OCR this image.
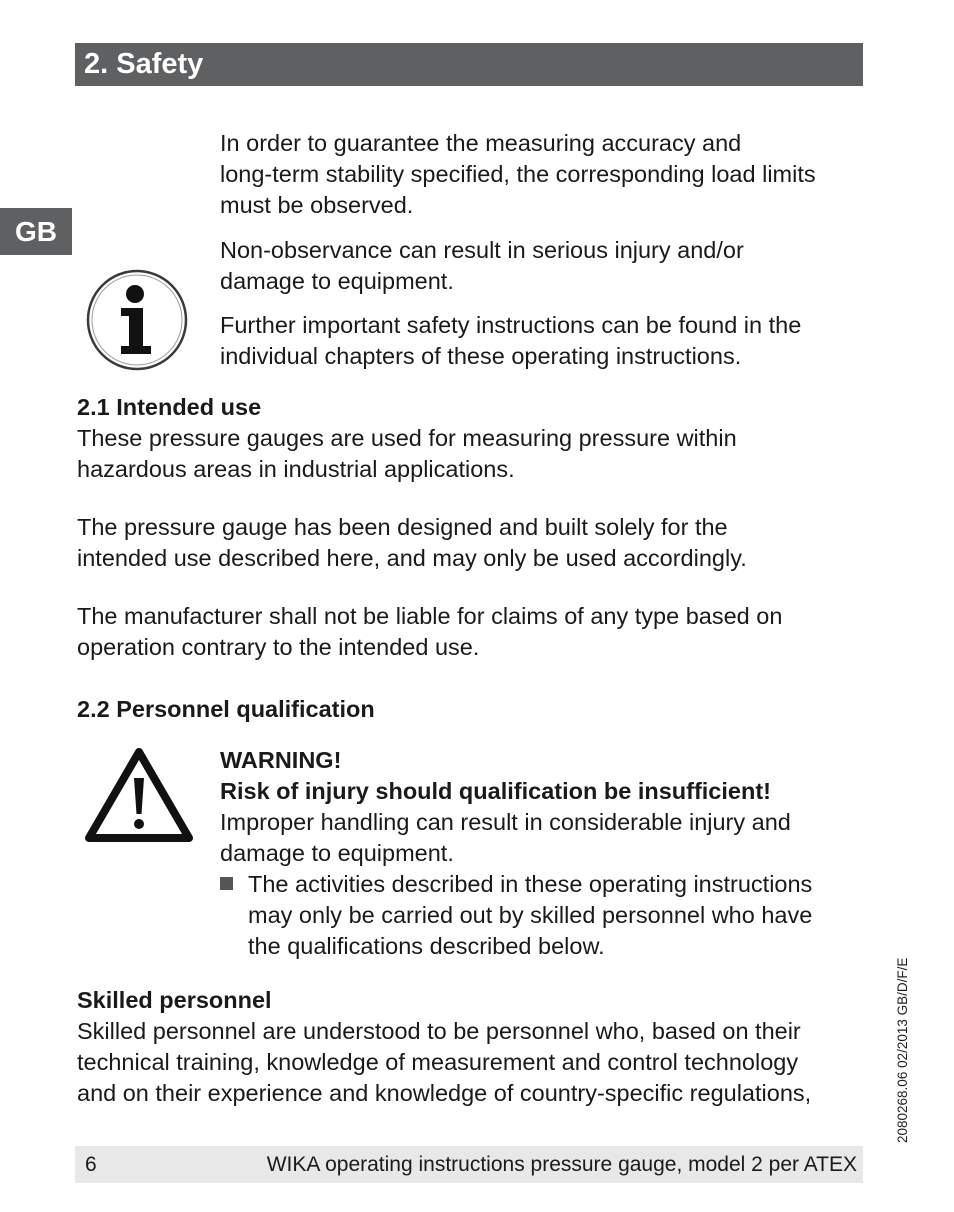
2. Safety
GB

In order to guarantee the measuring accuracy and

long-term stability specified, the corresponding load limits

must be observed.

Non-observance can result in serious injury and/or

damage to equipment.

Further important safety instructions can be found in the

individual chapters of these operating instructions.

2.1 Intended use

These pressure gauges are used for measuring pressure within

hazardous areas in industrial applications.

The pressure gauge has been designed and built solely for the

intended use described here, and may only be used accordingly.

The manufacturer shall not be liable for claims of any type based on

operation contrary to the intended use.

2.2 Personnel qualification

WARNING!

Risk of injury should qualification be insufficient!

Improper handling can result in considerable injury and

damage to equipment.

The activities described in these operating instructions

may only be carried out by skilled personnel who have

the qualifications described below.

Skilled personnel

Skilled personnel are understood to be personnel who, based on their

technical training, knowledge of measurement and control technology

and on their experience and knowledge of country-specific regulations,

6	WIKA operating instructions pressure gauge, model 2 per ATEX
2080268.06 02/2013 GB/D/F/E
